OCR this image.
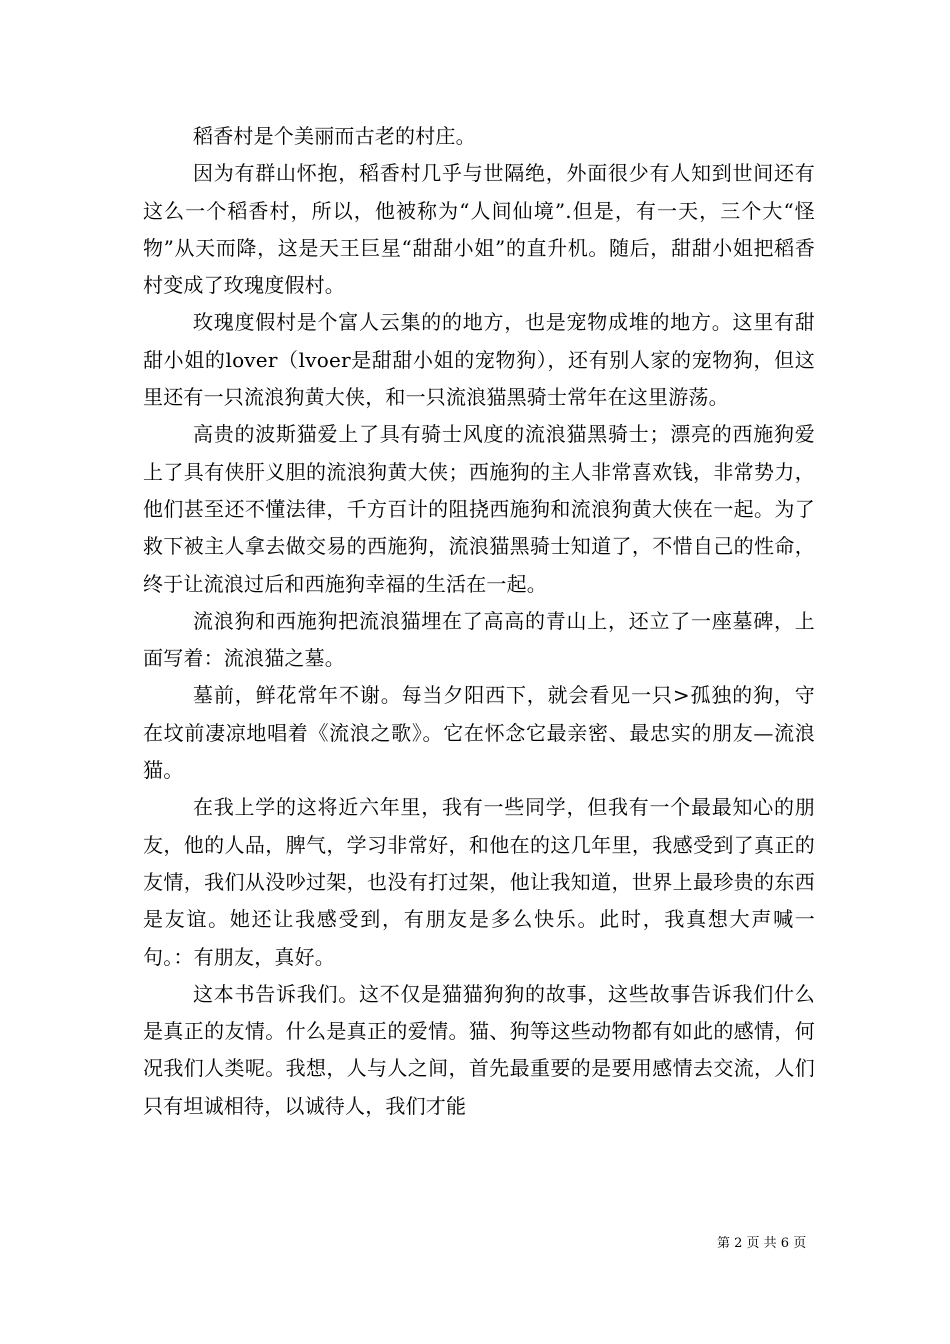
稻香村是个美丽而古老的村庄。

因为有群山怀抱，稻香村几乎与世隔绝，外面很少有人知到世间还有这么一个稻香村，所以，他被称为“人间仙境”.但是，有一天，三个大“怪物”从天而降，这是天王巨星“甜甜小姐”的直升机。随后，甜甜小姐把稻香村变成了玫瑰度假村。

玫瑰度假村是个富人云集的的地方，也是宠物成堆的地方。这里有甜甜小姐的lover（lvoer是甜甜小姐的宠物狗），还有别人家的宠物狗，但这里还有一只流浪狗黄大侠，和一只流浪猫黑骑士常年在这里游荡。

高贵的波斯猫爱上了具有骑士风度的流浪猫黑骑士；漂亮的西施狗爱上了具有侠肝义胆的流浪狗黄大侠；西施狗的主人非常喜欢钱，非常势力，他们甚至还不懂法律，千方百计的阻挠西施狗和流浪狗黄大侠在一起。为了救下被主人拿去做交易的西施狗，流浪猫黑骑士知道了，不惜自己的性命，终于让流浪过后和西施狗幸福的生活在一起。

流浪狗和西施狗把流浪猫埋在了高高的青山上，还立了一座墓碑，上面写着：流浪猫之墓。

墓前，鲜花常年不谢。每当夕阳西下，就会看见一只>孤独的狗，守在坟前凄凉地唱着《流浪之歌》。它在怀念它最亲密、最忠实的朋友—流浪猫。

在我上学的这将近六年里，我有一些同学，但我有一个最最知心的朋友，他的人品，脾气，学习非常好，和他在的这几年里，我感受到了真正的友情，我们从没吵过架，也没有打过架，他让我知道，世界上最珍贵的东西是友谊。她还让我感受到，有朋友是多么快乐。此时，我真想大声喊一句。：有朋友，真好。

这本书告诉我们。这不仅是猫猫狗狗的故事，这些故事告诉我们什么是真正的友情。什么是真正的爱情。猫、狗等这些动物都有如此的感情，何况我们人类呢。我想，人与人之间，首先最重要的是要用感情去交流，人们只有坦诚相待，以诚待人，我们才能

第 2 页 共 6 页
